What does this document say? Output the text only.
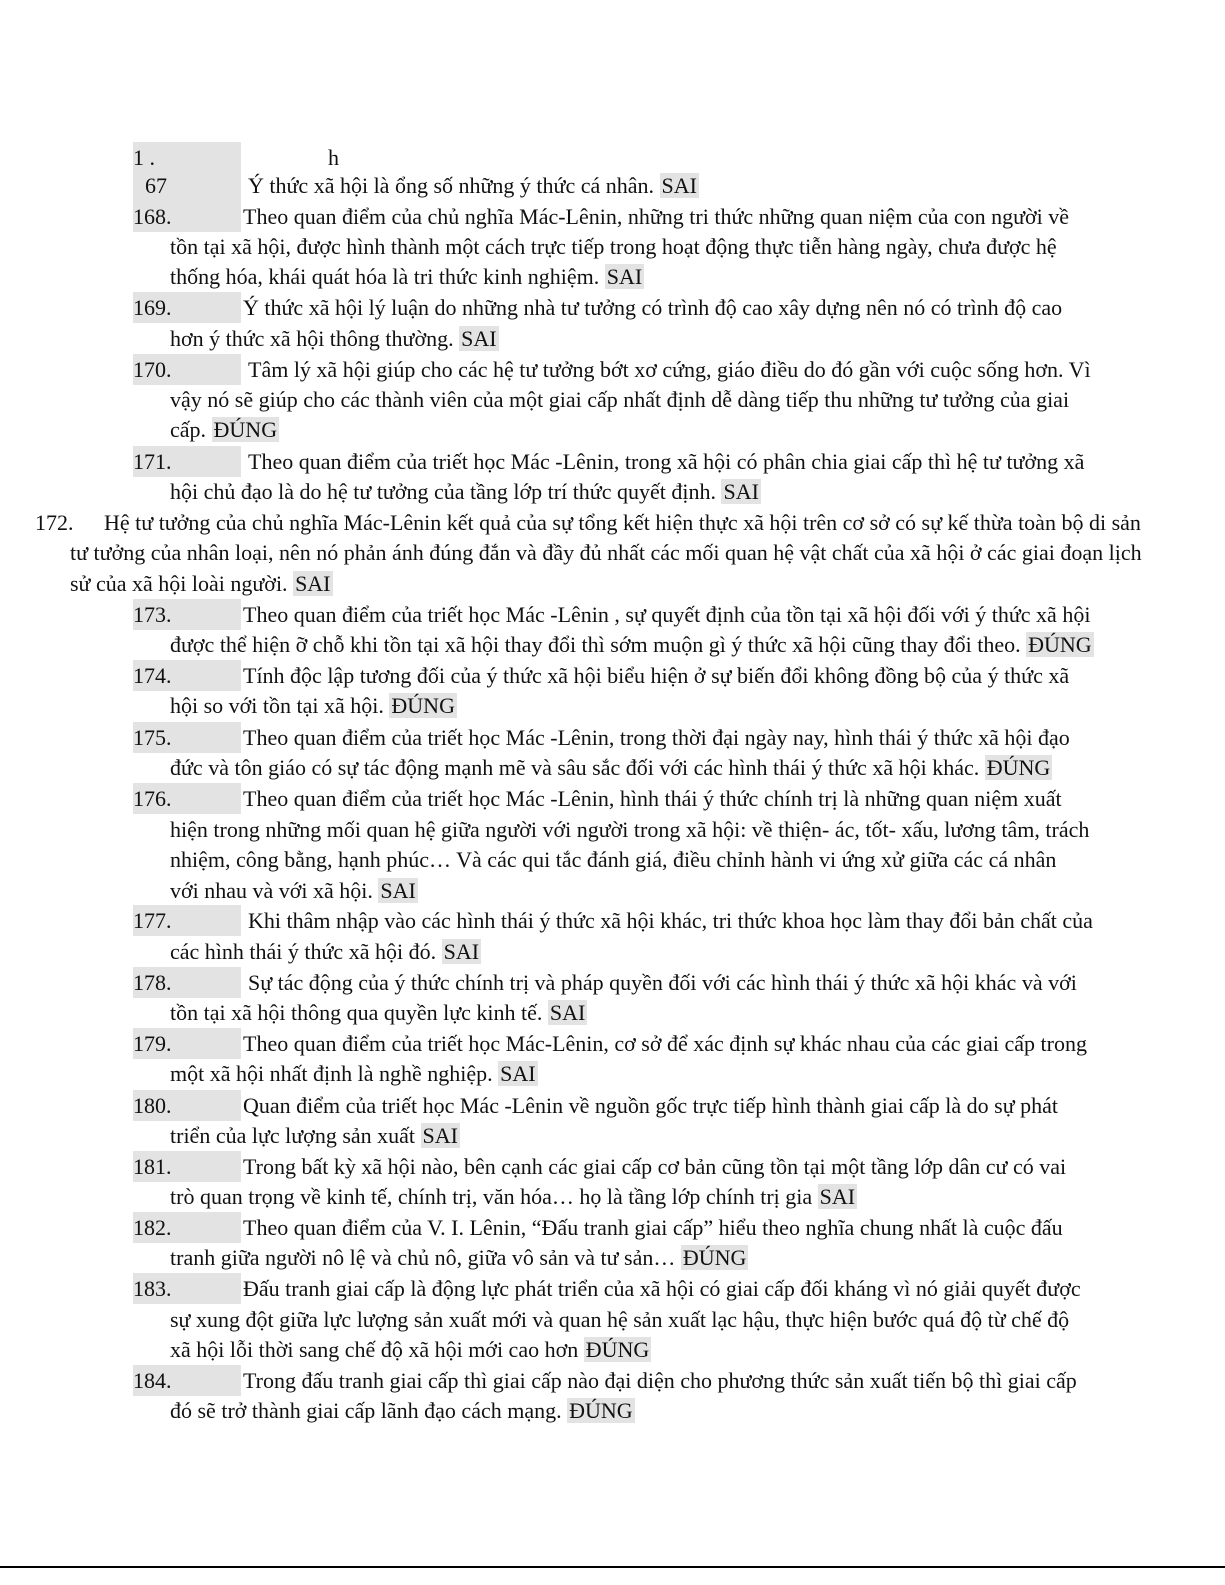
1 .	h
67	Ý thức xã hội là ổng số những ý thức cá nhân. SAI
168.	Theo quan điểm của chủ nghĩa Mác-Lênin, những tri thức những quan niệm của con người về
tồn tại xã hội, được hình thành một cách trực tiếp trong hoạt động thực tiễn hàng ngày, chưa được hệ
thống hóa, khái quát hóa là tri thức kinh nghiệm. SAI
169.	Ý thức xã hội lý luận do những nhà tư tưởng có trình độ cao xây dựng nên nó có trình độ cao
hơn ý thức xã hội thông thường. SAI
170.	Tâm lý xã hội giúp cho các hệ tư tưởng bớt xơ cứng, giáo điều do đó gần với cuộc sống hơn. Vì
vậy nó sẽ giúp cho các thành viên của một giai cấp nhất định dễ dàng tiếp thu những tư tưởng của giai
cấp. ĐÚNG
171.	Theo quan điểm của triết học Mác -Lênin, trong xã hội có phân chia giai cấp thì hệ tư tưởng xã
hội chủ đạo là do hệ tư tưởng của tầng lớp trí thức quyết định. SAI
172. Hệ tư tưởng của chủ nghĩa Mác-Lênin kết quả của sự tổng kết hiện thực xã hội trên cơ sở có sự kế thừa toàn bộ di sản
tư tưởng của nhân loại, nên nó phản ánh đúng đắn và đầy đủ nhất các mối quan hệ vật chất của xã hội ở các giai đoạn lịch
sử của xã hội loài người. SAI
173.	Theo quan điểm của triết học Mác -Lênin , sự quyết định của tồn tại xã hội đối với ý thức xã hội
được thể hiện ỡ chỗ khi tồn tại xã hội thay đổi thì sớm muộn gì ý thức xã hội cũng thay đổi theo. ĐÚNG
174.	Tính độc lập tương đối của ý thức xã hội biểu hiện ở sự biến đổi không đồng bộ của ý thức xã
hội so với tồn tại xã hội. ĐÚNG
175.	Theo quan điểm của triết học Mác -Lênin, trong thời đại ngày nay, hình thái ý thức xã hội đạo
đức và tôn giáo có sự tác động mạnh mẽ và sâu sắc đối với các hình thái ý thức xã hội khác. ĐÚNG
176.	Theo quan điểm của triết học Mác -Lênin, hình thái ý thức chính trị là những quan niệm xuất
hiện trong những mối quan hệ giữa người với người trong xã hội: về thiện- ác, tốt- xấu, lương tâm, trách
nhiệm, công bằng, hạnh phúc… Và các qui tắc đánh giá, điều chỉnh hành vi ứng xử giữa các cá nhân
với nhau và với xã hội. SAI
177.	Khi thâm nhập vào các hình thái ý thức xã hội khác, tri thức khoa học làm thay đổi bản chất của
các hình thái ý thức xã hội đó. SAI
178.	Sự tác động của ý thức chính trị và pháp quyền đối với các hình thái ý thức xã hội khác và với
tồn tại xã hội thông qua quyền lực kinh tế. SAI
179.	Theo quan điểm của triết học Mác-Lênin, cơ sở để xác định sự khác nhau của các giai cấp trong
một xã hội nhất định là nghề nghiệp. SAI
180.	Quan điểm của triết học Mác -Lênin về nguồn gốc trực tiếp hình thành giai cấp là do sự phát
triển của lực lượng sản xuất SAI
181.	Trong bất kỳ xã hội nào, bên cạnh các giai cấp cơ bản cũng tồn tại một tầng lớp dân cư có vai
trò quan trọng về kinh tế, chính trị, văn hóa… họ là tầng lớp chính trị gia SAI
182.	Theo quan điểm của V. I. Lênin, “Đấu tranh giai cấp” hiểu theo nghĩa chung nhất là cuộc đấu
tranh giữa người nô lệ và chủ nô, giữa vô sản và tư sản… ĐÚNG
183.	Đấu tranh giai cấp là động lực phát triển của xã hội có giai cấp đối kháng vì nó giải quyết được
sự xung đột giữa lực lượng sản xuất mới và quan hệ sản xuất lạc hậu, thực hiện bước quá độ từ chế độ
xã hội lỗi thời sang chế độ xã hội mới cao hơn ĐÚNG
184.	Trong đấu tranh giai cấp thì giai cấp nào đại diện cho phương thức sản xuất tiến bộ thì giai cấp
đó sẽ trở thành giai cấp lãnh đạo cách mạng. ĐÚNG
